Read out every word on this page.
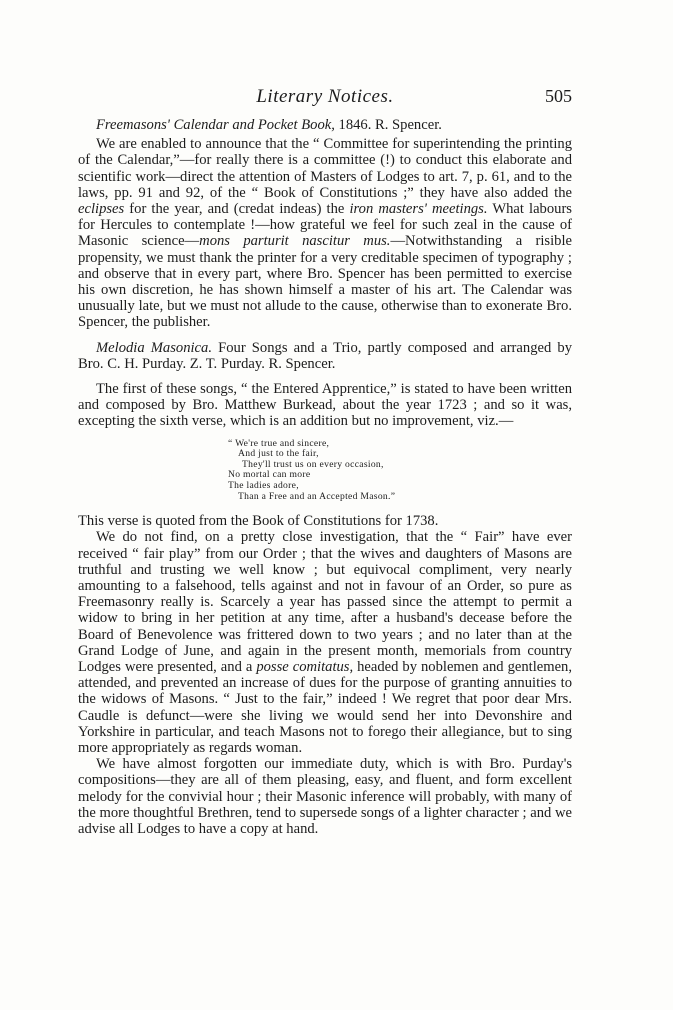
Literary Notices.	505

Freemasons' Calendar and Pocket Book, 1846. R. Spencer.

We are enabled to announce that the “ Committee for superintending the printing of the Calendar,”—for really there is a committee (!) to conduct this elaborate and scientific work—direct the attention of Masters of Lodges to art. 7, p. 61, and to the laws, pp. 91 and 92, of the “ Book of Constitutions ;” they have also added the eclipses for the year, and (credat indeas) the iron masters' meetings. What labours for Hercules to contemplate !—how grateful we feel for such zeal in the cause of Masonic science—mons parturit nascitur mus.—Notwithstanding a risible propensity, we must thank the printer for a very creditable specimen of typography ; and observe that in every part, where Bro. Spencer has been permitted to exercise his own discretion, he has shown himself a master of his art. The Calendar was unusually late, but we must not allude to the cause, otherwise than to exonerate Bro. Spencer, the publisher.

Melodia Masonica. Four Songs and a Trio, partly composed and arranged by Bro. C. H. Purday. Z. T. Purday. R. Spencer.

The first of these songs, “ the Entered Apprentice,” is stated to have been written and composed by Bro. Matthew Burkead, about the year 1723 ; and so it was, excepting the sixth verse, which is an addition but no improvement, viz.—

“ We're true and sincere,
And just to the fair,
They'll trust us on every occasion,
No mortal can more
The ladies adore,
Than a Free and an Accepted Mason.”

This verse is quoted from the Book of Constitutions for 1738.

We do not find, on a pretty close investigation, that the “ Fair” have ever received “ fair play” from our Order ; that the wives and daughters of Masons are truthful and trusting we well know ; but equivocal compliment, very nearly amounting to a falsehood, tells against and not in favour of an Order, so pure as Freemasonry really is. Scarcely a year has passed since the attempt to permit a widow to bring in her petition at any time, after a husband's decease before the Board of Benevolence was frittered down to two years ; and no later than at the Grand Lodge of June, and again in the present month, memorials from country Lodges were presented, and a posse comitatus, headed by noblemen and gentlemen, attended, and prevented an increase of dues for the purpose of granting annuities to the widows of Masons. “ Just to the fair,” indeed ! We regret that poor dear Mrs. Caudle is defunct—were she living we would send her into Devonshire and Yorkshire in particular, and teach Masons not to forego their allegiance, but to sing more appropriately as regards woman.

We have almost forgotten our immediate duty, which is with Bro. Purday's compositions—they are all of them pleasing, easy, and fluent, and form excellent melody for the convivial hour ; their Masonic inference will probably, with many of the more thoughtful Brethren, tend to supersede songs of a lighter character ; and we advise all Lodges to have a copy at hand.
